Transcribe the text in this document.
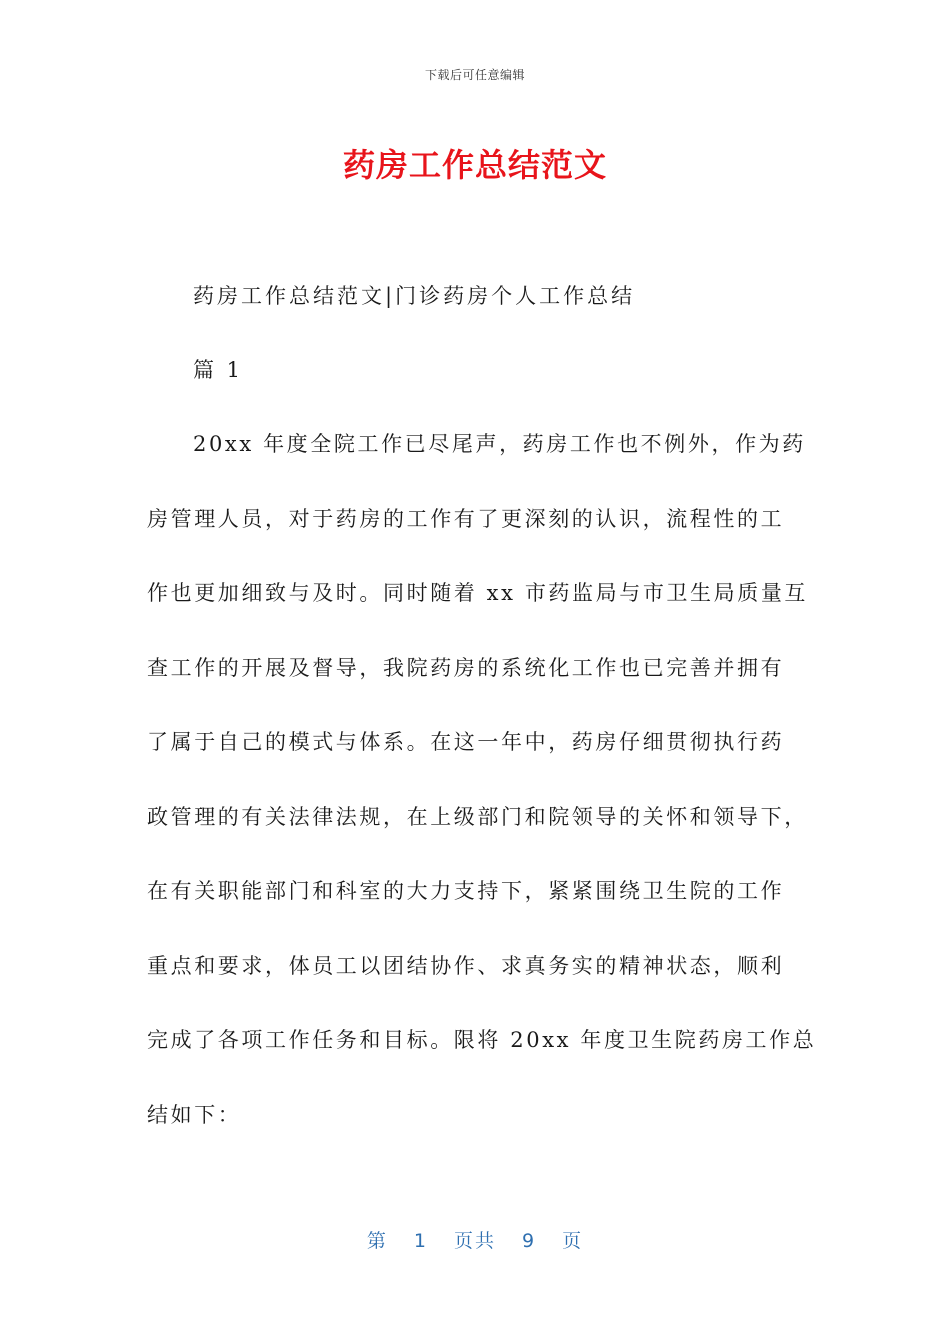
下载后可任意编辑
药房工作总结范文
药房工作总结范文|门诊药房个人工作总结
篇 1
20xx 年度全院工作已尽尾声，药房工作也不例外，作为药
房管理人员，对于药房的工作有了更深刻的认识，流程性的工
作也更加细致与及时。同时随着 xx 市药监局与市卫生局质量互
查工作的开展及督导，我院药房的系统化工作也已完善并拥有
了属于自己的模式与体系。在这一年中，药房仔细贯彻执行药
政管理的有关法律法规，在上级部门和院领导的关怀和领导下，
在有关职能部门和科室的大力支持下，紧紧围绕卫生院的工作
重点和要求，体员工以团结协作、求真务实的精神状态，顺利
完成了各项工作任务和目标。限将 20xx 年度卫生院药房工作总
结如下：
第 1 页共 9 页
